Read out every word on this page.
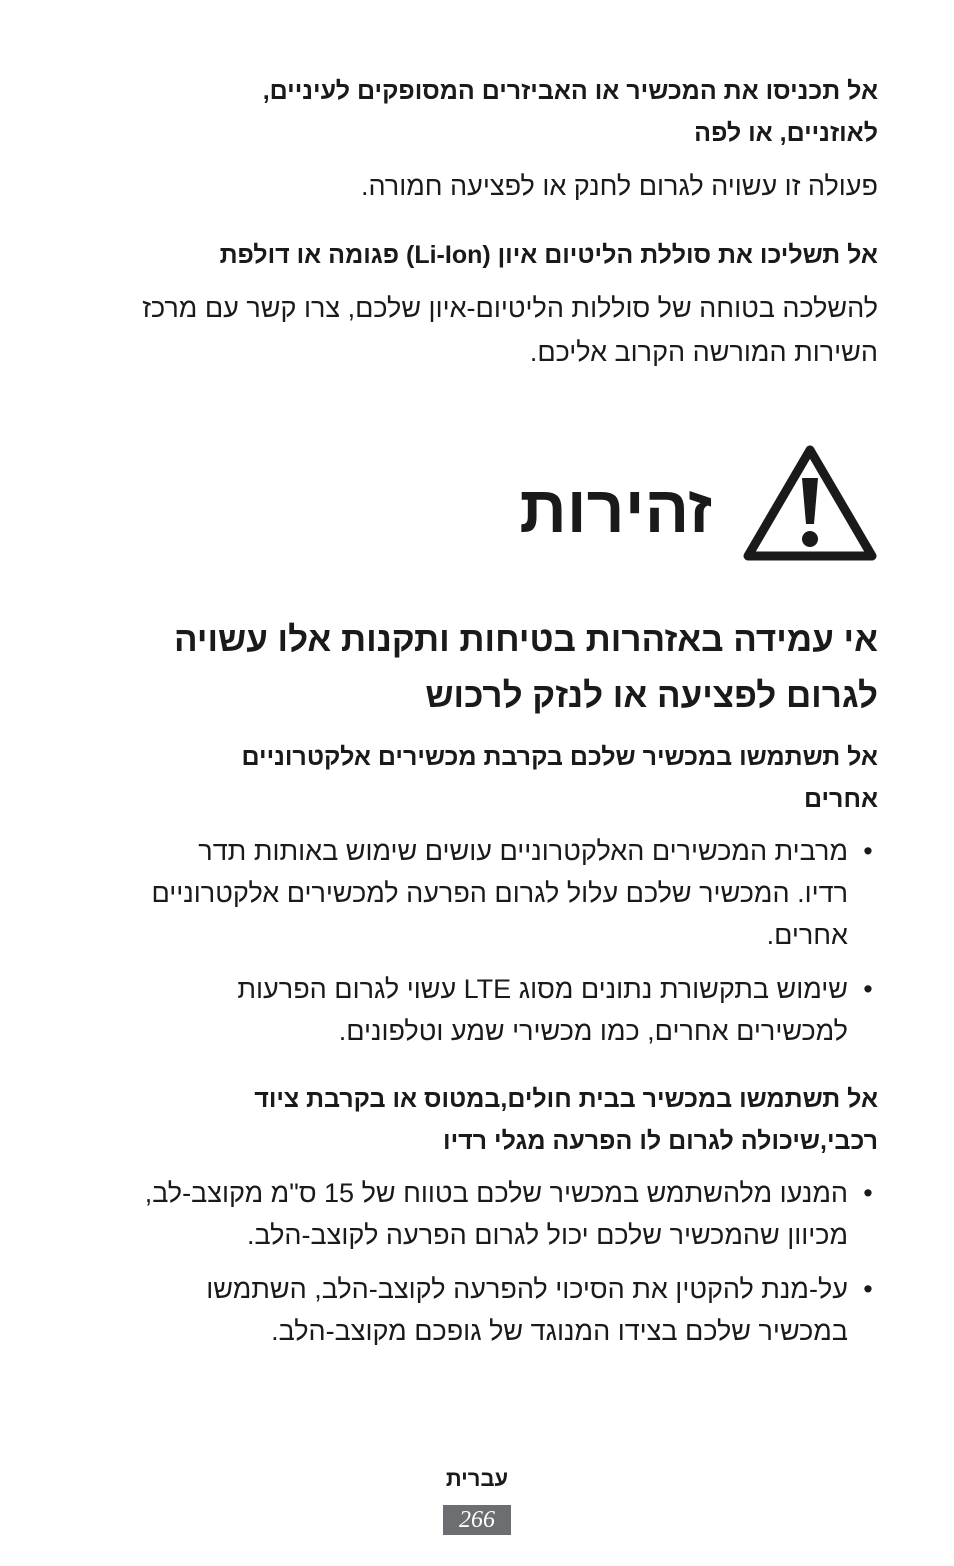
אל תכניסו את המכשיר או האביזרים המסופקים לעיניים,
לאוזניים, או לפה

פעולה זו עשויה לגרום לחנק או לפציעה חמורה.

אל תשליכו את סוללת הליטיום איון (Li-Ion) פגומה או דולפת

להשלכה בטוחה של סוללות הליטיום-איון שלכם, צרו קשר עם מרכז
השירות המורשה הקרוב אליכם.

זהירות
אי עמידה באזהרות בטיחות ותקנות אלו עשויה
לגרום לפציעה או לנזק לרכוש

אל תשתמשו במכשיר שלכם בקרבת מכשירים אלקטרוניים
אחרים

•
מרבית המכשירים האלקטרוניים עושים שימוש באותות תדר
רדיו. המכשיר שלכם עלול לגרום הפרעה למכשירים אלקטרוניים
אחרים.
•
שימוש בתקשורת נתונים מסוג LTE עשוי לגרום הפרעות
למכשירים אחרים, כמו מכשירי שמע וטלפונים.

אל תשתמשו במכשיר בבית חולים,במטוס או בקרבת ציוד
רכבי,שיכולה לגרום לו הפרעה מגלי רדיו

•
המנעו מלהשתמש במכשיר שלכם בטווח של 15 ס"מ מקוצב-לב,
מכיוון שהמכשיר שלכם יכול לגרום הפרעה לקוצב-הלב.
•
על-מנת להקטין את הסיכוי להפרעה לקוצב-הלב, השתמשו
במכשיר שלכם בצידו המנוגד של גופכם מקוצב-הלב.
עברית
266
